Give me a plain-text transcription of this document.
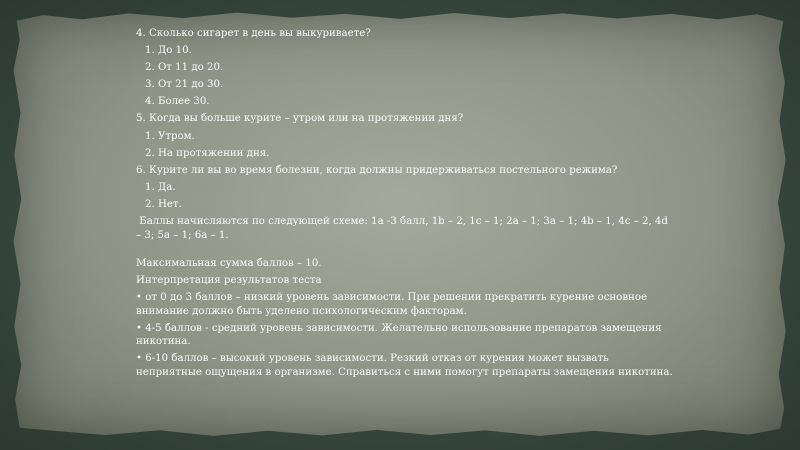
4. Сколько сигарет в день вы выкуриваете?
1. До 10.
2. От 11 до 20.
3. От 21 до 30.
4. Более 30.
5. Когда вы больше курите – утром или на протяжении дня?
1. Утром.
2. На протяжении дня.
6. Курите ли вы во время болезни, когда должны придерживаться постельного режима?
1. Да.
2. Нет.
Баллы начисляются по следующей схеме: 1а -3 балл, 1b – 2, 1c – 1; 2а – 1; 3а – 1; 4b – 1, 4c – 2, 4d – 3; 5а – 1; 6а – 1.
Максимальная сумма баллов – 10.
Интерпретация результатов теста
• от 0 до 3 баллов – низкий уровень зависимости. При решении прекратить курение основное внимание должно быть уделено психологическим факторам.
• 4-5 баллов - средний уровень зависимости. Желательно использование препаратов замещения никотина.
• 6-10 баллов – высокий уровень зависимости. Резкий отказ от курения может вызвать неприятные ощущения в организме. Справиться с ними помогут препараты замещения никотина.
